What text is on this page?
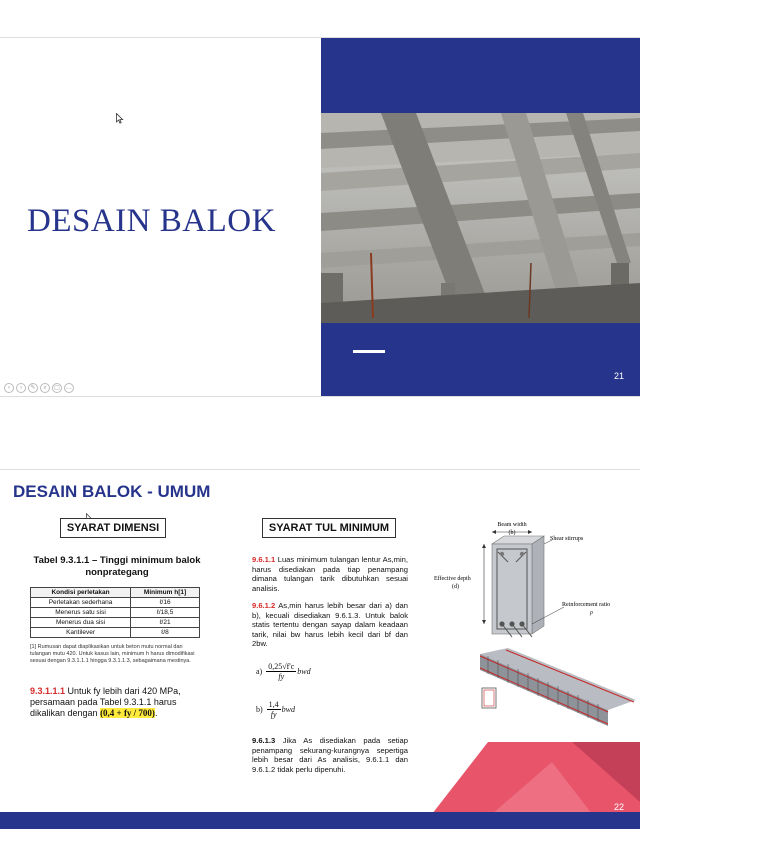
DESAIN BALOK
21
‹	›	✎	⌕	▢	…
DESAIN BALOK - UMUM
SYARAT DIMENSI	SYARAT TUL MINIMUM
Tabel 9.3.1.1 – Tinggi minimum balok nonprategang
Kondisi perletakan	Minimum h[1]
Perletakan sederhana	ℓ/16
Menerus satu sisi	ℓ/18,5
Menerus dua sisi	ℓ/21
Kantilever	ℓ/8
[1] Rumusan dapat diaplikasikan untuk beton mutu normal dan tulangan mutu 420. Untuk kasus lain, minimum h harus dimodifikasi sesuai dengan 9.3.1.1.1 hingga 9.3.1.1.3, sebagaimana mestinya.
9.3.1.1.1 Untuk fy lebih dari 420 MPa, persamaan pada Tabel 9.3.1.1 harus dikalikan dengan (0,4 + fy / 700).
9.6.1.1 Luas minimum tulangan lentur As,min, harus disediakan pada tiap penampang dimana tulangan tarik dibutuhkan sesuai analisis.
9.6.1.2 As,min harus lebih besar dari a) dan b), kecuali disediakan 9.6.1.3. Untuk balok statis tertentu dengan sayap dalam keadaan tarik, nilai bw harus lebih kecil dari bf dan 2bw.
a)	0,25√f'c	bwd
fy
b)	1,4	bwd
fy
9.6.1.3 Jika As disediakan pada setiap penampang sekurang-kurangnya sepertiga lebih besar dari As analisis, 9.6.1.1 dan 9.6.1.2 tidak perlu dipenuhi.
Beam width
(b)
Shear stirrups
Effective depth
(d)
Reinforcement ratio
ρ
22
